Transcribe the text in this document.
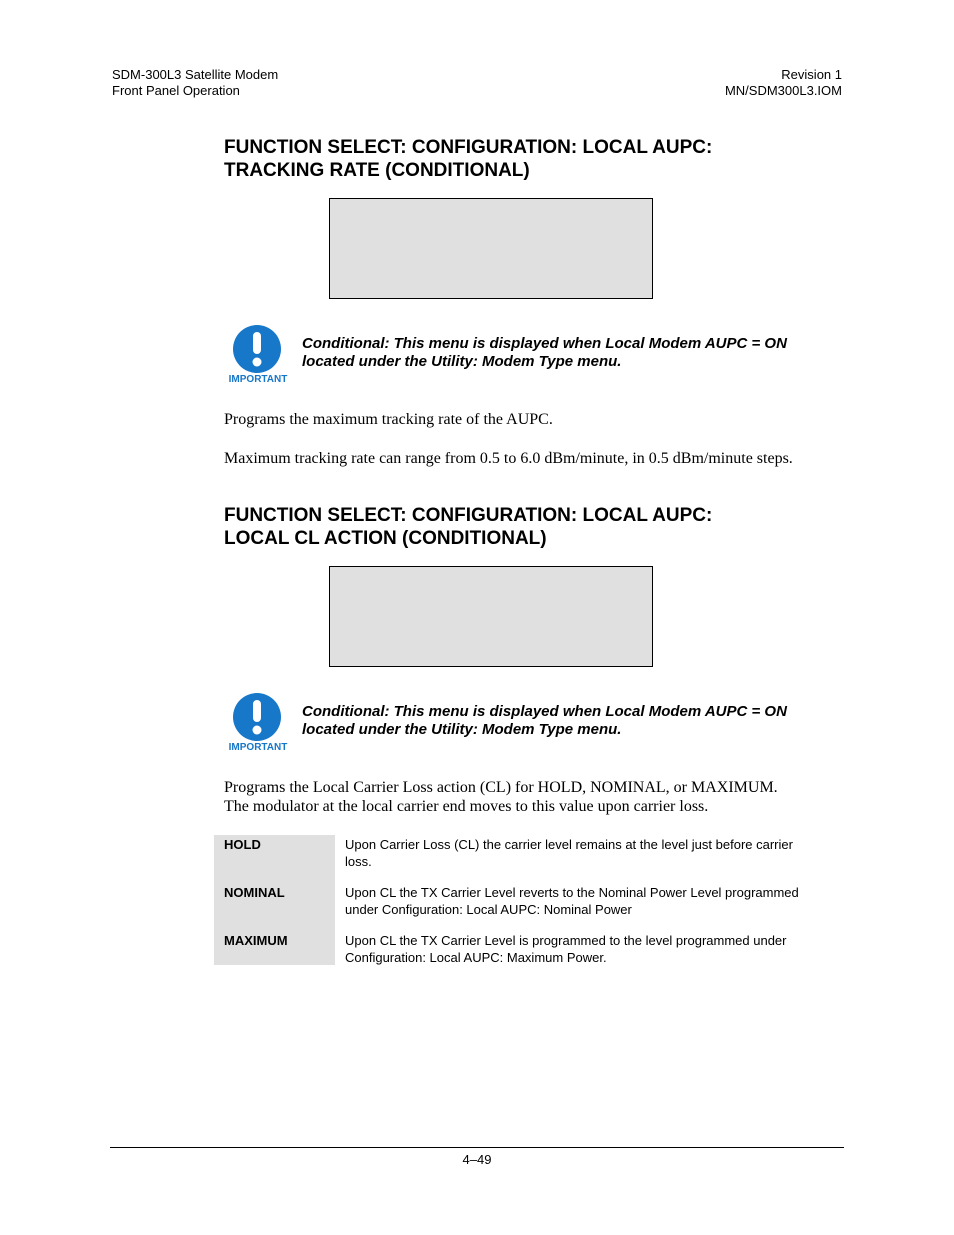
SDM-300L3 Satellite Modem
Front Panel Operation
Revision 1
MN/SDM300L3.IOM
FUNCTION SELECT: CONFIGURATION: LOCAL AUPC:
TRACKING RATE (CONDITIONAL)
IMPORTANT
Conditional: This menu is displayed when Local Modem AUPC = ON
located under the Utility: Modem Type menu.
Programs the maximum tracking rate of the AUPC.
Maximum tracking rate can range from 0.5 to 6.0 dBm/minute, in 0.5 dBm/minute steps.
FUNCTION SELECT: CONFIGURATION: LOCAL AUPC:
LOCAL CL ACTION (CONDITIONAL)
IMPORTANT
Conditional: This menu is displayed when Local Modem AUPC = ON
located under the Utility: Modem Type menu.
Programs the Local Carrier Loss action (CL) for HOLD, NOMINAL, or MAXIMUM.
The modulator at the local carrier end moves to this value upon carrier loss.
HOLD	Upon Carrier Loss (CL) the carrier level remains at the level just before carrier
loss.
NOMINAL	Upon CL the TX Carrier Level reverts to the Nominal Power Level programmed
under Configuration: Local AUPC: Nominal Power
MAXIMUM	Upon CL the TX Carrier Level is programmed to the level programmed under
Configuration: Local AUPC: Maximum Power.
4–49
